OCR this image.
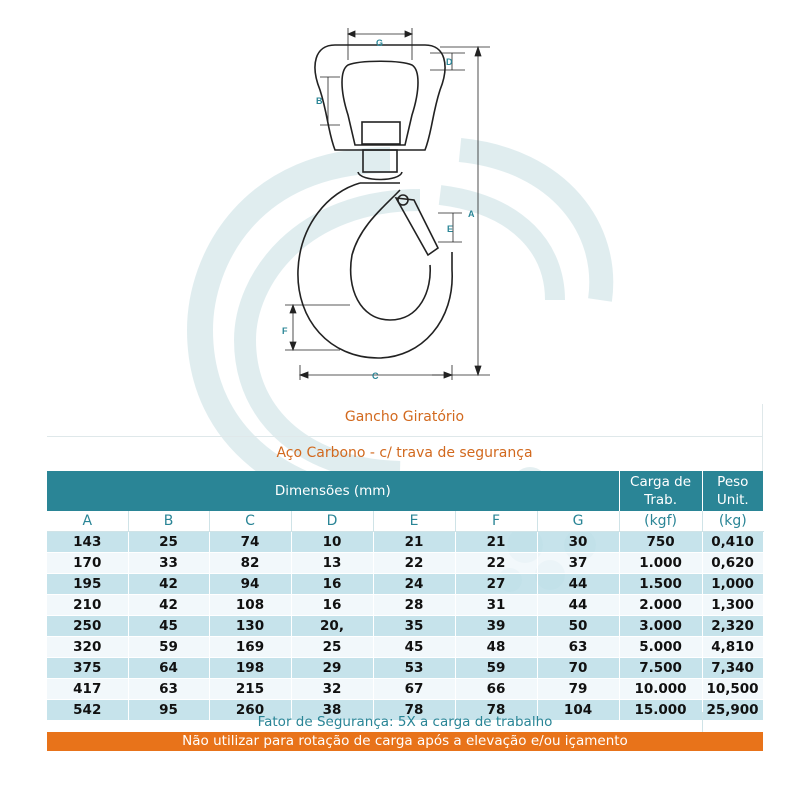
G
D
B
A
E
F
C
Gancho Giratório
Aço Carbono - c/ trava de segurança
Dimensões (mm)							Carga de Trab.	Peso Unit.
A	B	C	D	E	F	G	(kgf)	(kg)
143	25	74	10	21	21	30	750	0,410
170	33	82	13	22	22	37	1.000	0,620
195	42	94	16	24	27	44	1.500	1,000
210	42	108	16	28	31	44	2.000	1,300
250	45	130	20,	35	39	50	3.000	2,320
320	59	169	25	45	48	63	5.000	4,810
375	64	198	29	53	59	70	7.500	7,340
417	63	215	32	67	66	79	10.000	10,500
542	95	260	38	78	78	104	15.000	25,900
Fator de Segurança: 5X a carga de trabalho
Não utilizar para rotação de carga após a elevação e/ou içamento
